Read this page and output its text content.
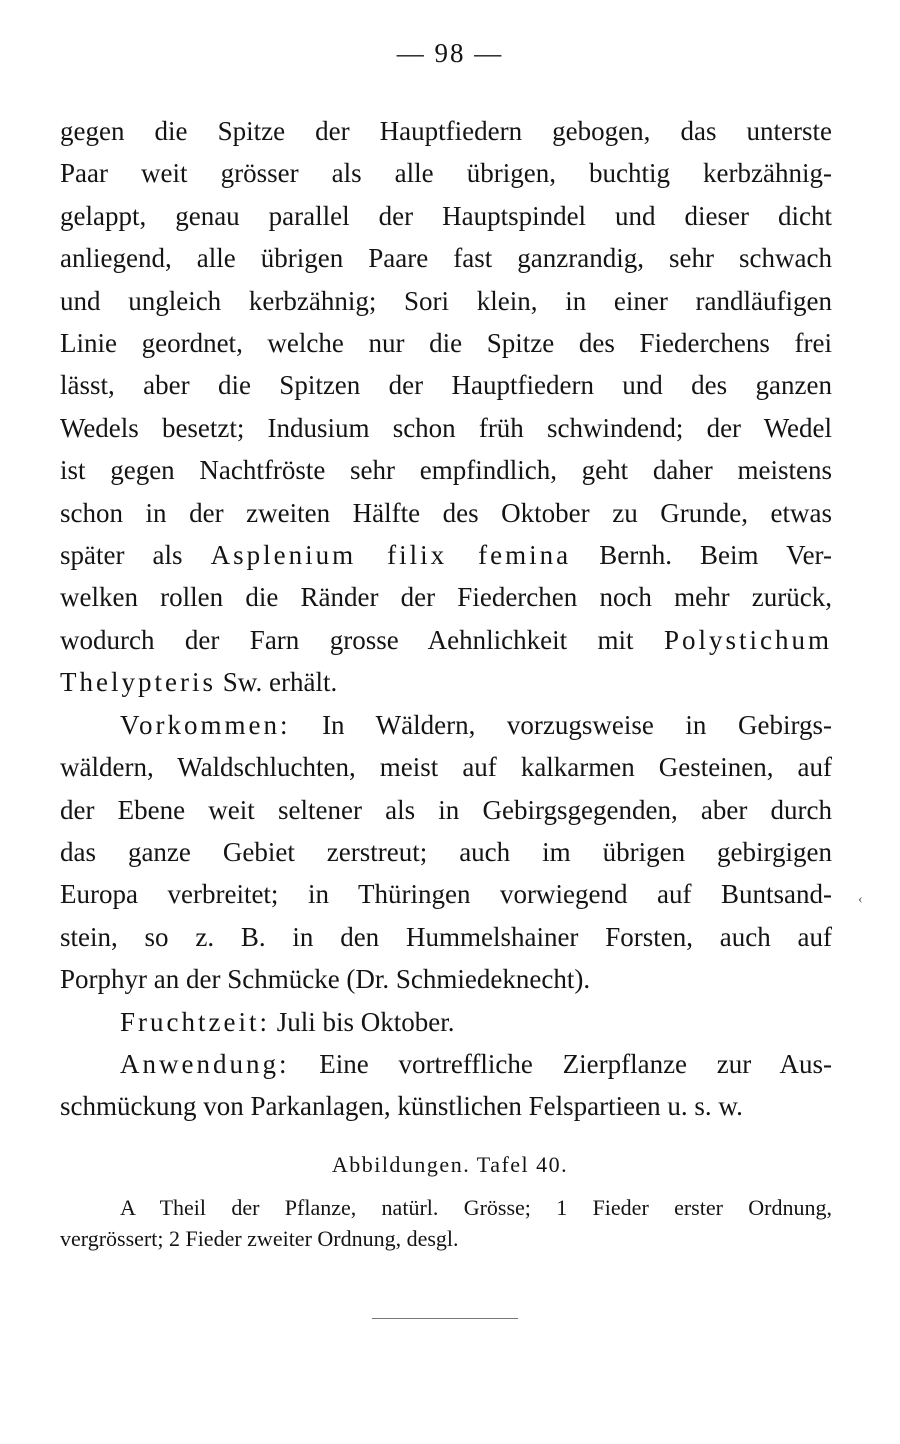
— 98 —
gegen die Spitze der Hauptfiedern gebogen, das unterste
Paar weit grösser als alle übrigen, buchtig kerbzähnig-
gelappt, genau parallel der Hauptspindel und dieser dicht
anliegend, alle übrigen Paare fast ganzrandig, sehr schwach
und ungleich kerbzähnig; Sori klein, in einer randläufigen
Linie geordnet, welche nur die Spitze des Fiederchens frei
lässt, aber die Spitzen der Hauptfiedern und des ganzen
Wedels besetzt; Indusium schon früh schwindend; der Wedel
ist gegen Nachtfröste sehr empfindlich, geht daher meistens
schon in der zweiten Hälfte des Oktober zu Grunde, etwas
später als Asplenium filix femina Bernh. Beim Ver-
welken rollen die Ränder der Fiederchen noch mehr zurück,
wodurch der Farn grosse Aehnlichkeit mit Polystichum
Thelypteris Sw. erhält.
Vorkommen: In Wäldern, vorzugsweise in Gebirgs-
wäldern, Waldschluchten, meist auf kalkarmen Gesteinen, auf
der Ebene weit seltener als in Gebirgsgegenden, aber durch
das ganze Gebiet zerstreut; auch im übrigen gebirgigen
Europa verbreitet; in Thüringen vorwiegend auf Buntsand-
stein, so z. B. in den Hummelshainer Forsten, auch auf
Porphyr an der Schmücke (Dr. Schmiedeknecht).
Fruchtzeit: Juli bis Oktober.
Anwendung: Eine vortreffliche Zierpflanze zur Aus-
schmückung von Parkanlagen, künstlichen Felspartieen u. s. w.
Abbildungen. Tafel 40.
A Theil der Pflanze, natürl. Grösse; 1 Fieder erster Ordnung,
vergrössert; 2 Fieder zweiter Ordnung, desgl.
‹
